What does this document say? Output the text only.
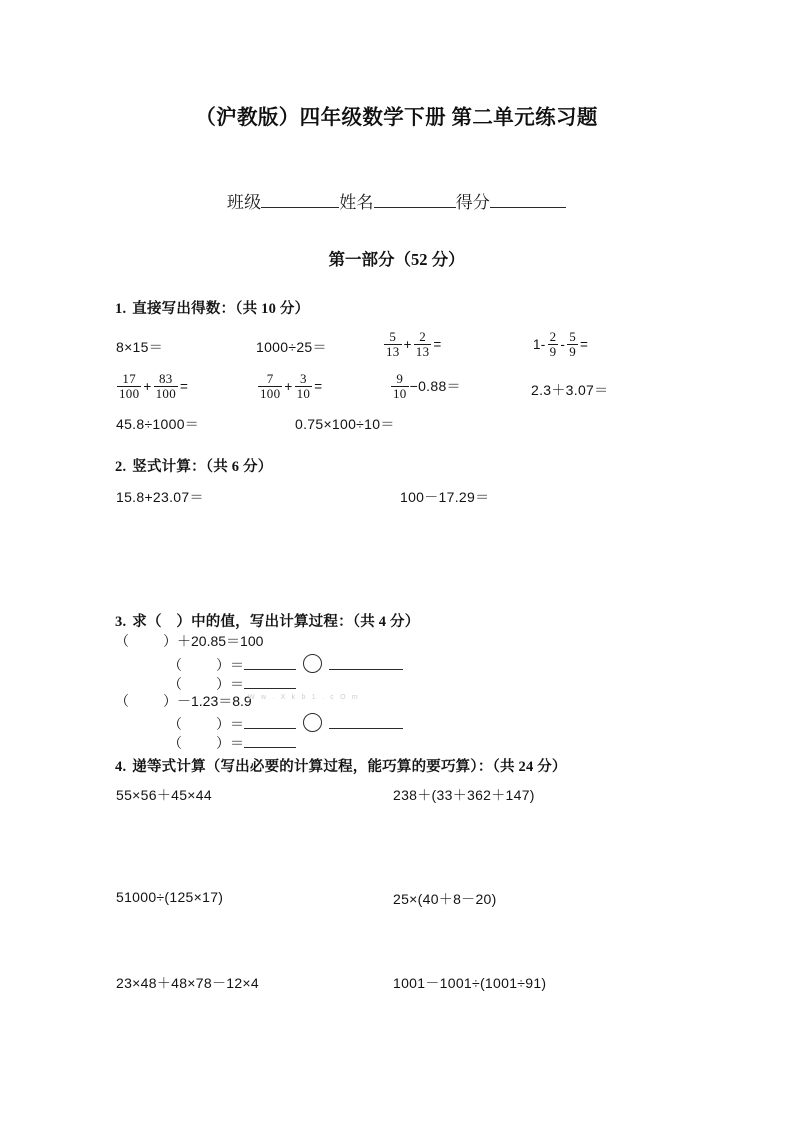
（沪教版）四年级数学下册 第二单元练习题
班级	姓名	得分
第一部分（52 分）
1. 直接写出得数：（共 10 分）
8×15＝	1000÷25＝	$\frac{5}{13} + \frac{2}{13}$ =	$1- \frac{2}{9} - \frac{5}{9}$ =
$\frac{17}{100} + \frac{83}{100}$ =	$\frac{7}{100} + \frac{3}{10}$ =	$\frac{9}{10} -0.88=$	2.3＋3.07＝
45.8÷1000＝	0.75×100÷10＝
2. 竖式计算：（共 6 分）
15.8+23.07＝	100－17.29＝
3. 求（　）中的值，写出计算过程：（共 4 分）
（ ）＋20.85＝100
（ ）＝
（ ）＝
（ ）－1.23＝8.9
W w . X k b 1 . c O m
（ ）＝
（ ）＝
4. 递等式计算（写出必要的计算过程，能巧算的要巧算）：（共 24 分）
55×56＋45×44	238＋(33＋362＋147)
51000÷(125×17)	25×(40＋8－20)
23×48＋48×78－12×4	1001－1001÷(1001÷91)
